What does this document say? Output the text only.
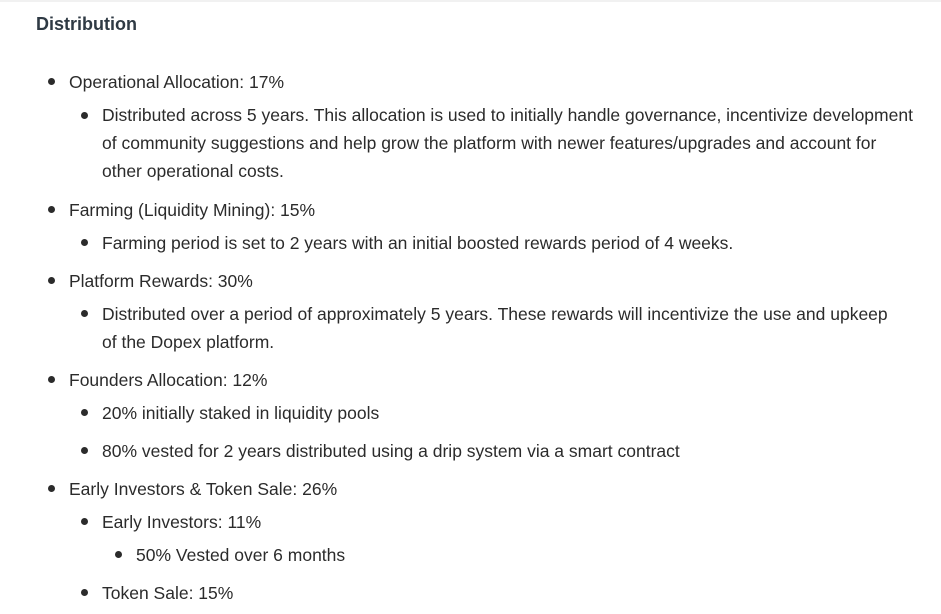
Distribution
Operational Allocation: 17%
Distributed across 5 years. This allocation is used to initially handle governance, incentivize development of community suggestions and help grow the platform with newer features/upgrades and account for other operational costs.
Farming (Liquidity Mining): 15%
Farming period is set to 2 years with an initial boosted rewards period of 4 weeks.
Platform Rewards: 30%
Distributed over a period of approximately 5 years. These rewards will incentivize the use and upkeep of the Dopex platform.
Founders Allocation: 12%
20% initially staked in liquidity pools
80% vested for 2 years distributed using a drip system via a smart contract
Early Investors & Token Sale: 26%
Early Investors: 11%
50% Vested over 6 months
Token Sale: 15%
